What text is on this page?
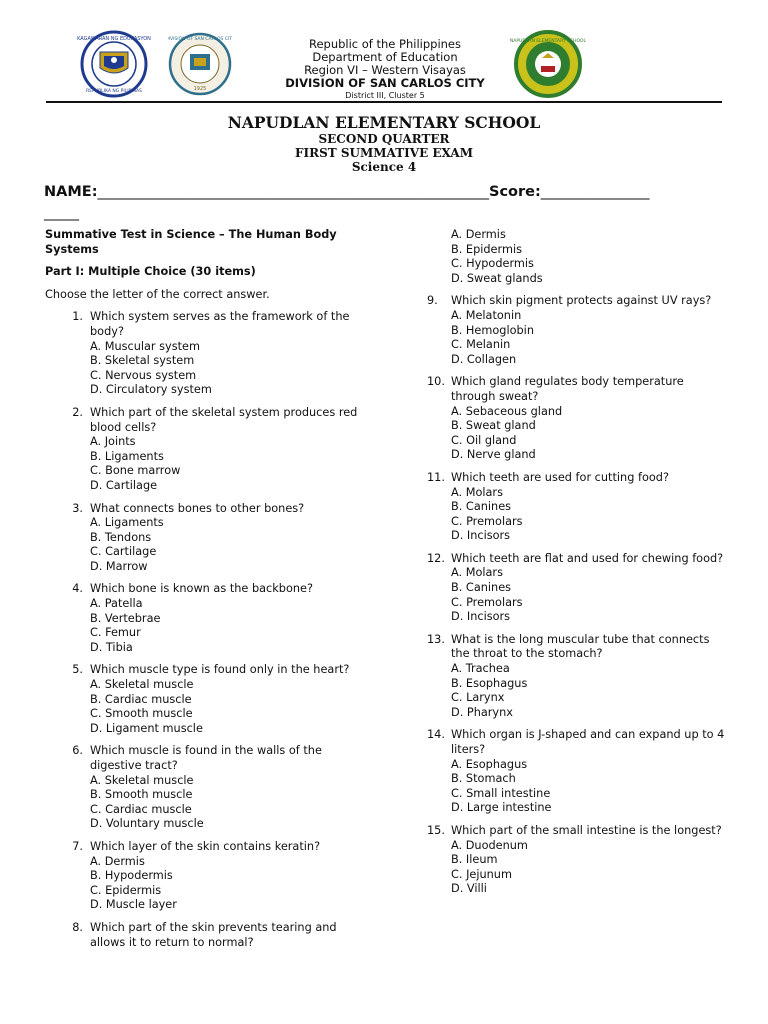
KAGAWARAN NG EDUKASYON
REPUBLIKA NG PILIPINAS
DIVISION OF SAN CARLOS CITY
1925
NAPUDLAN ELEMENTARY SCHOOL
Republic of the Philippines
Department of Education
Region VI – Western Visayas
DIVISION OF SAN CARLOS CITY
District III, Cluster 5
NAPUDLAN ELEMENTARY SCHOOL
SECOND QUARTER
FIRST SUMMATIVE EXAM
Science 4
NAME:______________________________________________________Score:_______________
_____
Summative Test in Science – The Human Body Systems
Part I: Multiple Choice (30 items)
Choose the letter of the correct answer.
1. Which system serves as the framework of the body?
A. Muscular system
B. Skeletal system
C. Nervous system
D. Circulatory system
2. Which part of the skeletal system produces red blood cells?
A. Joints
B. Ligaments
C. Bone marrow
D. Cartilage
3. What connects bones to other bones?
A. Ligaments
B. Tendons
C. Cartilage
D. Marrow
4. Which bone is known as the backbone?
A. Patella
B. Vertebrae
C. Femur
D. Tibia
5. Which muscle type is found only in the heart?
A. Skeletal muscle
B. Cardiac muscle
C. Smooth muscle
D. Ligament muscle
6. Which muscle is found in the walls of the digestive tract?
A. Skeletal muscle
B. Smooth muscle
C. Cardiac muscle
D. Voluntary muscle
7. Which layer of the skin contains keratin?
A. Dermis
B. Hypodermis
C. Epidermis
D. Muscle layer
8. Which part of the skin prevents tearing and allows it to return to normal?
A. Dermis
B. Epidermis
C. Hypodermis
D. Sweat glands
9.	Which skin pigment protects against UV rays?
A. Melatonin
B. Hemoglobin
C. Melanin
D. Collagen
10. Which gland regulates body temperature through sweat?
A. Sebaceous gland
B. Sweat gland
C. Oil gland
D. Nerve gland
11. Which teeth are used for cutting food?
A. Molars
B. Canines
C. Premolars
D. Incisors
12. Which teeth are flat and used for chewing food?
A. Molars
B. Canines
C. Premolars
D. Incisors
13. What is the long muscular tube that connects the throat to the stomach?
A. Trachea
B. Esophagus
C. Larynx
D. Pharynx
14. Which organ is J-shaped and can expand up to 4 liters?
A. Esophagus
B. Stomach
C. Small intestine
D. Large intestine
15. Which part of the small intestine is the longest?
A. Duodenum
B. Ileum
C. Jejunum
D. Villi
